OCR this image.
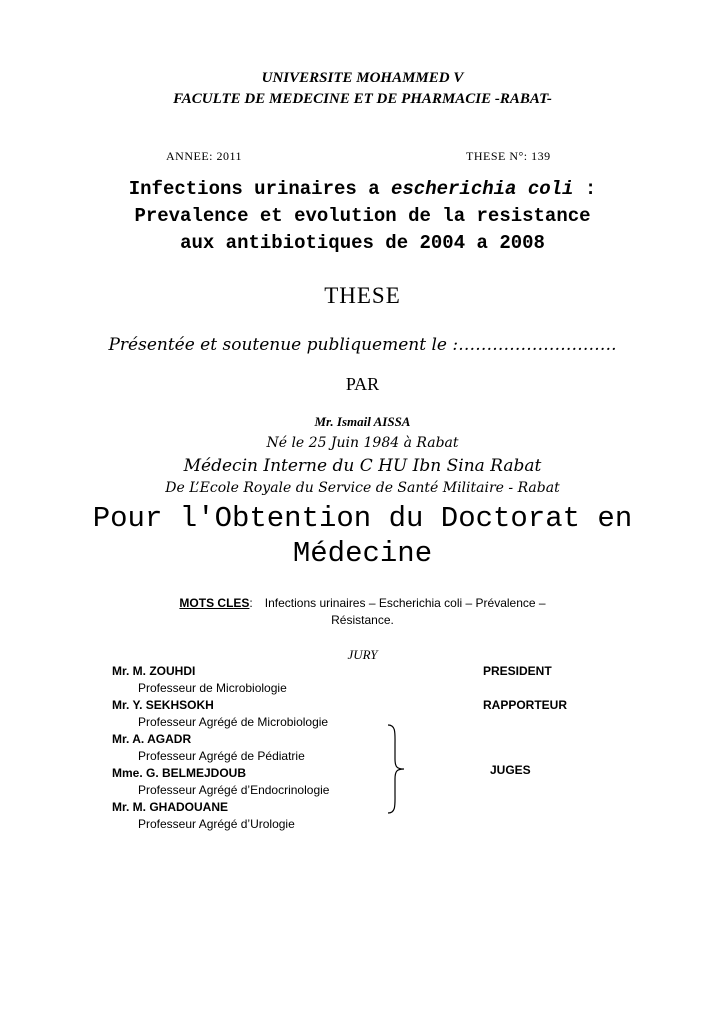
UNIVERSITE MOHAMMED V
FACULTE DE MEDECINE ET DE PHARMACIE -RABAT-
ANNEE: 2011	THESE N°: 139
Infections urinaires a escherichia coli :
Prevalence et evolution de la resistance
aux antibiotiques de 2004 a 2008
THESE
Présentée et soutenue publiquement le :……………………….
PAR
Mr. Ismail AISSA
Né le 25 Juin 1984 à Rabat
Médecin Interne du C HU Ibn Sina Rabat
De L’Ecole Royale du Service de Santé Militaire - Rabat
Pour l'Obtention du Doctorat en
Médecine
MOTS CLES: Infections urinaires – Escherichia coli – Prévalence –
Résistance.
JURY
Mr. M. ZOUHDI
Professeur de Microbiologie
Mr. Y. SEKHSOKH
Professeur Agrégé de Microbiologie
Mr. A. AGADR
Professeur Agrégé de Pédiatrie
Mme. G. BELMEJDOUB
Professeur Agrégé d’Endocrinologie
Mr. M. GHADOUANE
Professeur Agrégé d’Urologie
PRESIDENT
RAPPORTEUR
JUGES
